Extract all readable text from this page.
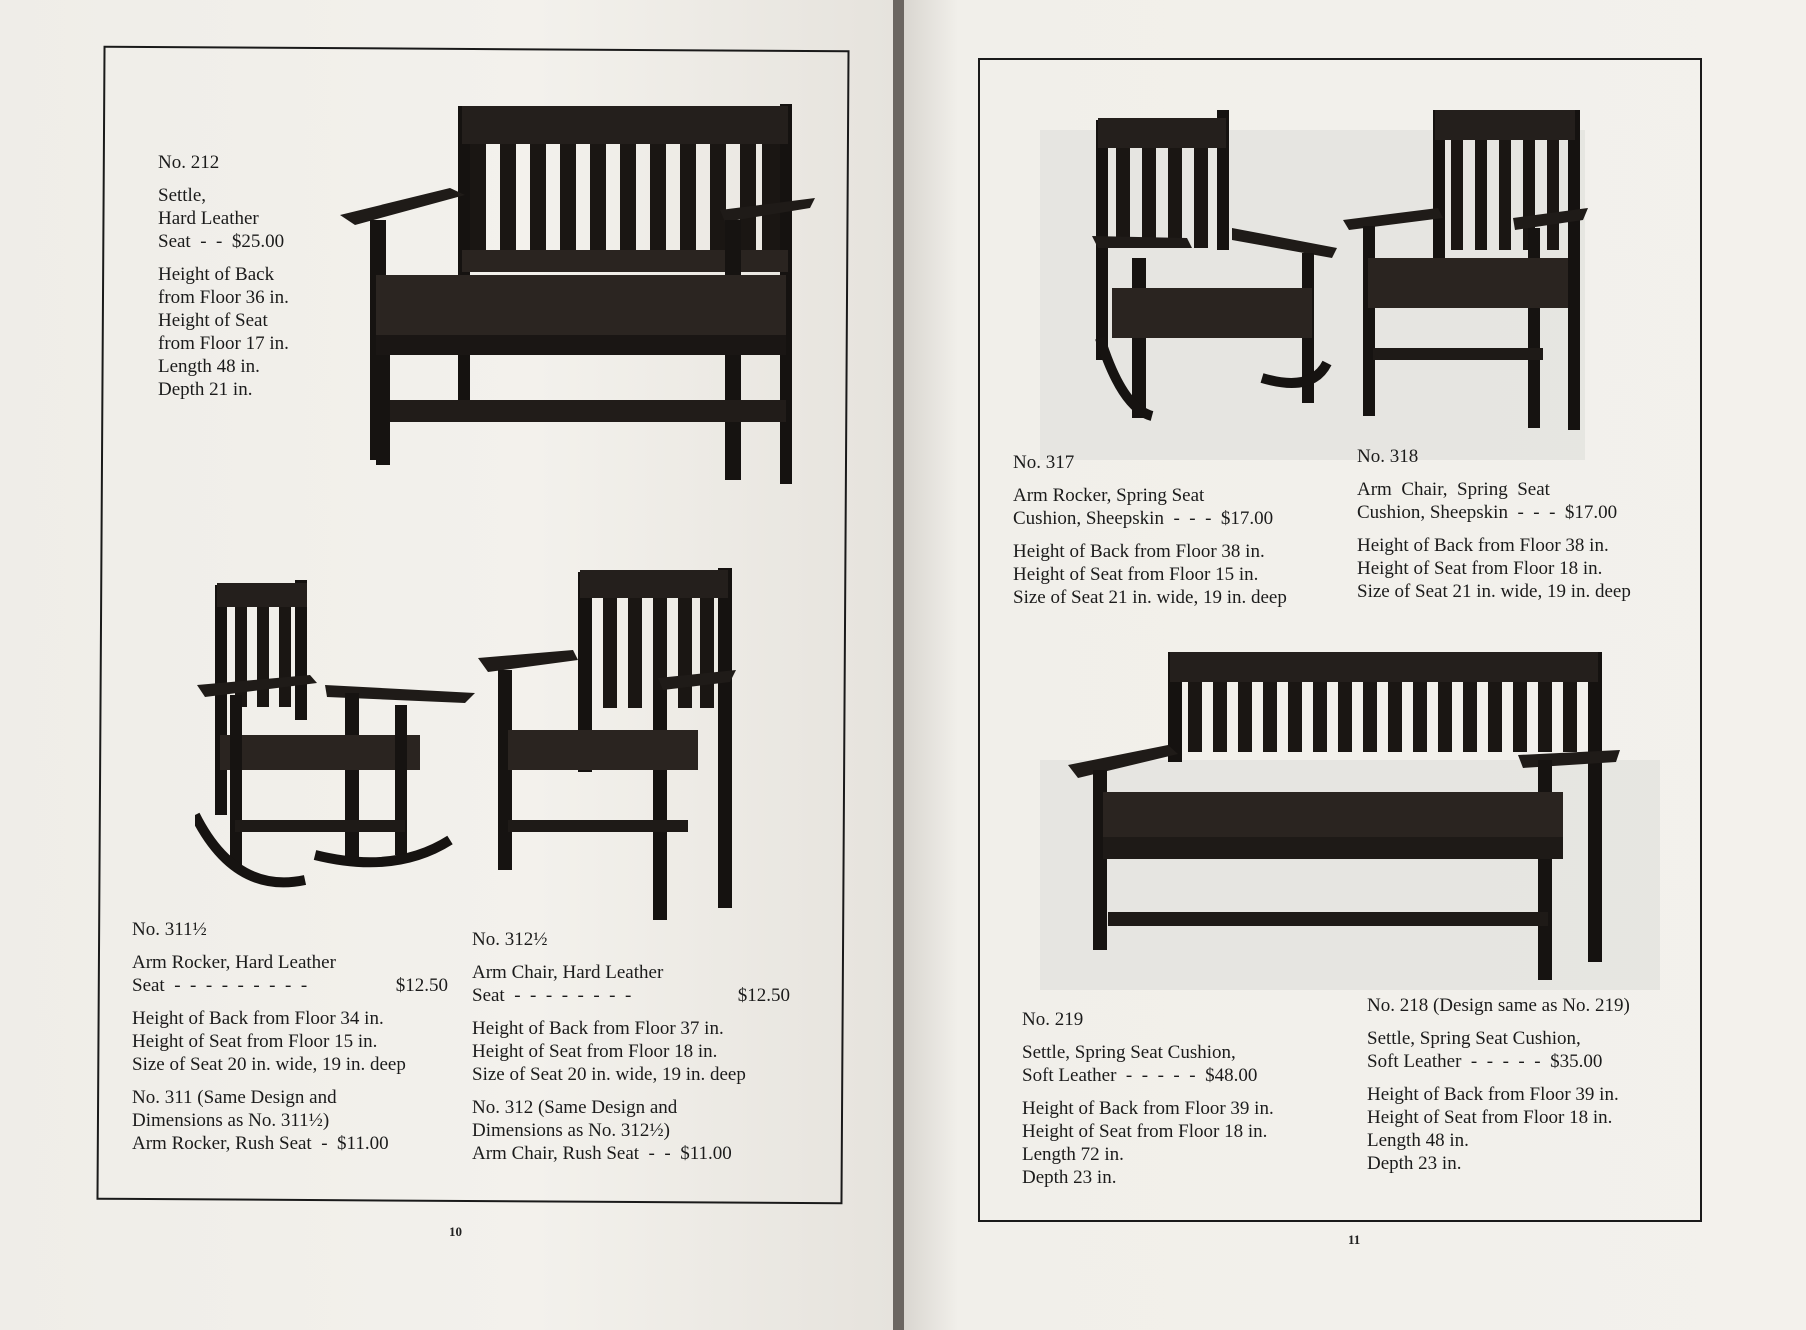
No. 212
Settle,
Hard Leather
Seat  -  -  $25.00
Height of Back
from Floor 36 in.
Height of Seat
from Floor 17 in.
Length 48 in.
Depth 21 in.
No. 311½
Arm Rocker, Hard Leather
Seat  -  -  -  -  -  -  -  -  -	$12.50
Height of Back from Floor 34 in.
Height of Seat from Floor 15 in.
Size of Seat 20 in. wide, 19 in. deep
No. 311 (Same Design and
Dimensions as No. 311½)
Arm Rocker, Rush Seat  -  $11.00
No. 312½
Arm Chair, Hard Leather
Seat  -  -  -  -  -  -  -  -	$12.50
Height of Back from Floor 37 in.
Height of Seat from Floor 18 in.
Size of Seat 20 in. wide, 19 in. deep
No. 312 (Same Design and
Dimensions as No. 312½)
Arm Chair, Rush Seat  -  -  $11.00
10
No. 317
Arm Rocker, Spring Seat
Cushion, Sheepskin  -  -  -  $17.00
Height of Back from Floor 38 in.
Height of Seat from Floor 15 in.
Size of Seat 21 in. wide, 19 in. deep
No. 318
Arm  Chair,  Spring  Seat
Cushion, Sheepskin  -  -  -  $17.00
Height of Back from Floor 38 in.
Height of Seat from Floor 18 in.
Size of Seat 21 in. wide, 19 in. deep
No. 219
Settle, Spring Seat Cushion,
Soft Leather  -  -  -  -  -  $48.00
Height of Back from Floor 39 in.
Height of Seat from Floor 18 in.
Length 72 in.
Depth 23 in.
No. 218 (Design same as No. 219)
Settle, Spring Seat Cushion,
Soft Leather  -  -  -  -  -  $35.00
Height of Back from Floor 39 in.
Height of Seat from Floor 18 in.
Length 48 in.
Depth 23 in.
11
